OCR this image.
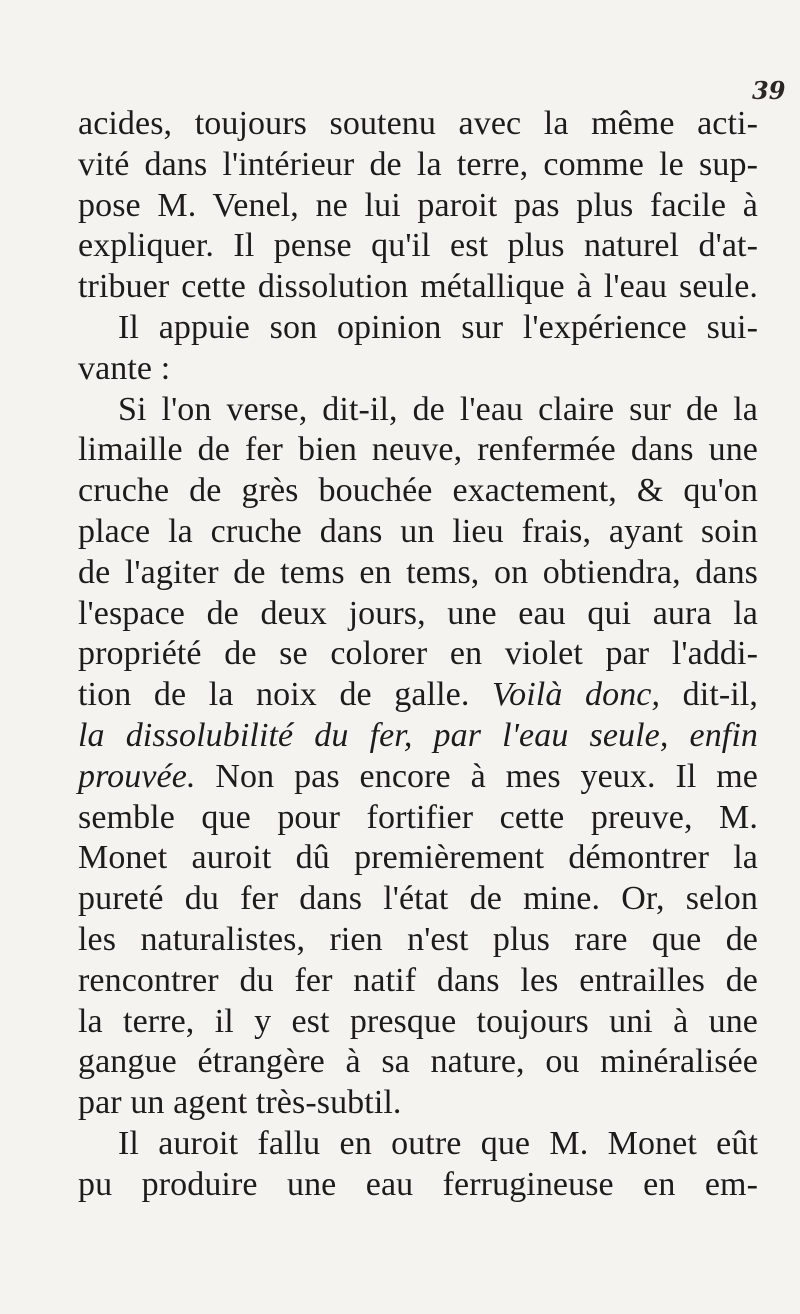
39
acides, toujours soutenu avec la même acti-
vité dans l'intérieur de la terre, comme le sup-
pose M. Venel, ne lui paroit pas plus facile à
expliquer. Il pense qu'il est plus naturel d'at-
tribuer cette dissolution métallique à l'eau seule.
Il appuie son opinion sur l'expérience sui-
vante :
Si l'on verse, dit-il, de l'eau claire sur de la
limaille de fer bien neuve, renfermée dans une
cruche de grès bouchée exactement, & qu'on
place la cruche dans un lieu frais, ayant soin
de l'agiter de tems en tems, on obtiendra, dans
l'espace de deux jours, une eau qui aura la
propriété de se colorer en violet par l'addi-
tion de la noix de galle. Voilà donc, dit-il,
la dissolubilité du fer, par l'eau seule, enfin
prouvée. Non pas encore à mes yeux. Il me
semble que pour fortifier cette preuve, M.
Monet auroit dû premièrement démontrer la
pureté du fer dans l'état de mine. Or, selon
les naturalistes, rien n'est plus rare que de
rencontrer du fer natif dans les entrailles de
la terre, il y est presque toujours uni à une
gangue étrangère à sa nature, ou minéralisée
par un agent très-subtil.
Il auroit fallu en outre que M. Monet eût
pu produire une eau ferrugineuse en em-
